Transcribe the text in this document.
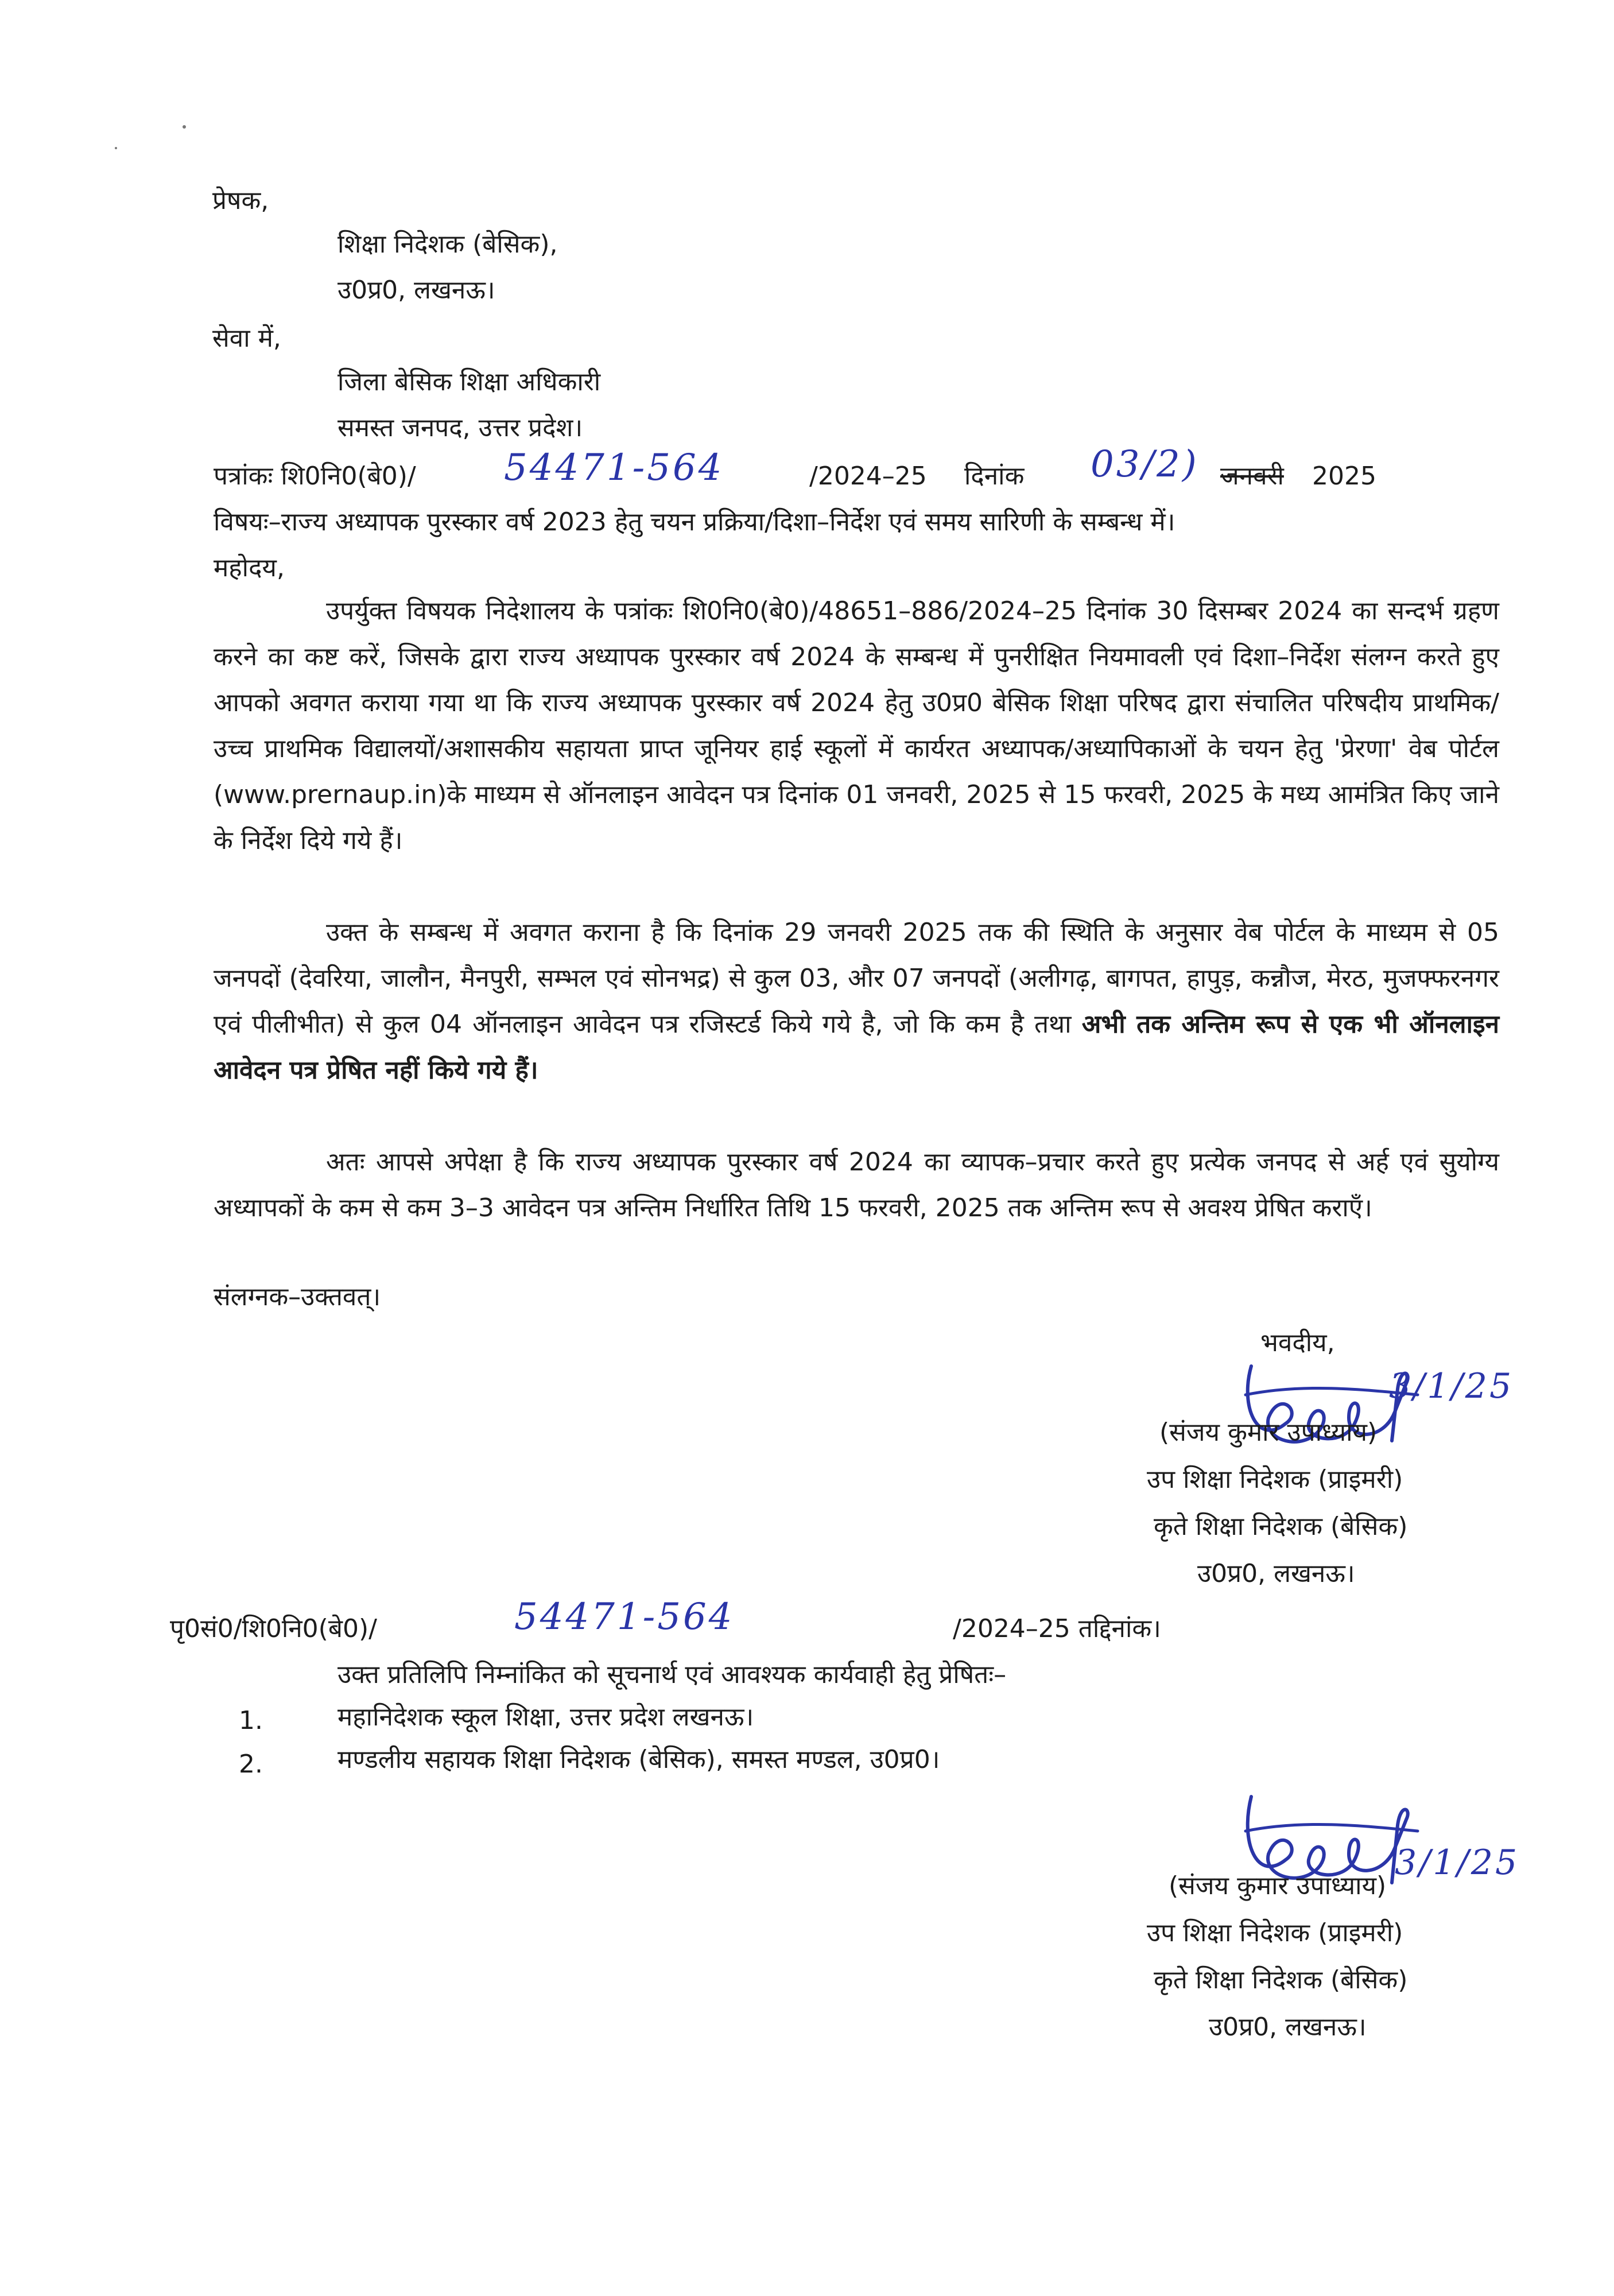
प्रेषक,
शिक्षा निदेशक (बेसिक),
उ0प्र0, लखनऊ।
सेवा में,
जिला बेसिक शिक्षा अधिकारी
समस्त जनपद, उत्तर प्रदेश।
पत्रांकः शि0नि0(बे0)/ 54471-564	/2024–25 दिनांक 03/2) जनवरी 2025
विषयः–राज्य अध्यापक पुरस्कार वर्ष 2023 हेतु चयन प्रक्रिया/दिशा–निर्देश एवं समय सारिणी के सम्बन्ध में।
महोदय,
उपर्युक्त विषयक निदेशालय के पत्रांकः शि0नि0(बे0)/48651–886/2024–25 दिनांक 30 दिसम्बर 2024 का सन्दर्भ ग्रहण करने का कष्ट करें, जिसके द्वारा राज्य अध्यापक पुरस्कार वर्ष 2024 के सम्बन्ध में पुनरीक्षित नियमावली एवं दिशा–निर्देश संलग्न करते हुए आपको अवगत कराया गया था कि राज्य अध्यापक पुरस्कार वर्ष 2024 हेतु उ0प्र0 बेसिक शिक्षा परिषद द्वारा संचालित परिषदीय प्राथमिक/उच्च प्राथमिक विद्यालयों/अशासकीय सहायता प्राप्त जूनियर हाई स्कूलों में कार्यरत अध्यापक/अध्यापिकाओं के चयन हेतु 'प्रेरणा' वेब पोर्टल (www.prernaup.in)के माध्यम से ऑनलाइन आवेदन पत्र दिनांक 01 जनवरी, 2025 से 15 फरवरी, 2025 के मध्य आमंत्रित किए जाने के निर्देश दिये गये हैं।
उक्त के सम्बन्ध में अवगत कराना है कि दिनांक 29 जनवरी 2025 तक की स्थिति के अनुसार वेब पोर्टल के माध्यम से 05 जनपदों (देवरिया, जालौन, मैनपुरी, सम्भल एवं सोनभद्र) से कुल 03, और 07 जनपदों (अलीगढ़, बागपत, हापुड़, कन्नौज, मेरठ, मुजफ्फरनगर एवं पीलीभीत) से कुल 04 ऑनलाइन आवेदन पत्र रजिस्टर्ड किये गये है, जो कि कम है तथा अभी तक अन्तिम रूप से एक भी ऑनलाइन आवेदन पत्र प्रेषित नहीं किये गये हैं।
अतः आपसे अपेक्षा है कि राज्य अध्यापक पुरस्कार वर्ष 2024 का व्यापक–प्रचार करते हुए प्रत्येक जनपद से अर्ह एवं सुयोग्य अध्यापकों के कम से कम 3–3 आवेदन पत्र अन्तिम निर्धारित तिथि 15 फरवरी, 2025 तक अन्तिम रूप से अवश्य प्रेषित कराएँ।
संलग्नक–उक्तवत्।
भवदीय,
3/1/25
(संजय कुमार उपाध्याय)
उप शिक्षा निदेशक (प्राइमरी)
कृते शिक्षा निदेशक (बेसिक)
उ0प्र0, लखनऊ।
पृ0सं0/शि0नि0(बे0)/	54471-564	/2024–25 तद्दिनांक।
उक्त प्रतिलिपि निम्नांकित को सूचनार्थ एवं आवश्यक कार्यवाही हेतु प्रेषितः–
1.	महानिदेशक स्कूल शिक्षा, उत्तर प्रदेश लखनऊ।
2.	मण्डलीय सहायक शिक्षा निदेशक (बेसिक), समस्त मण्डल, उ0प्र0।
3/1/25
(संजय कुमार उपाध्याय)
उप शिक्षा निदेशक (प्राइमरी)
कृते शिक्षा निदेशक (बेसिक)
उ0प्र0, लखनऊ।
